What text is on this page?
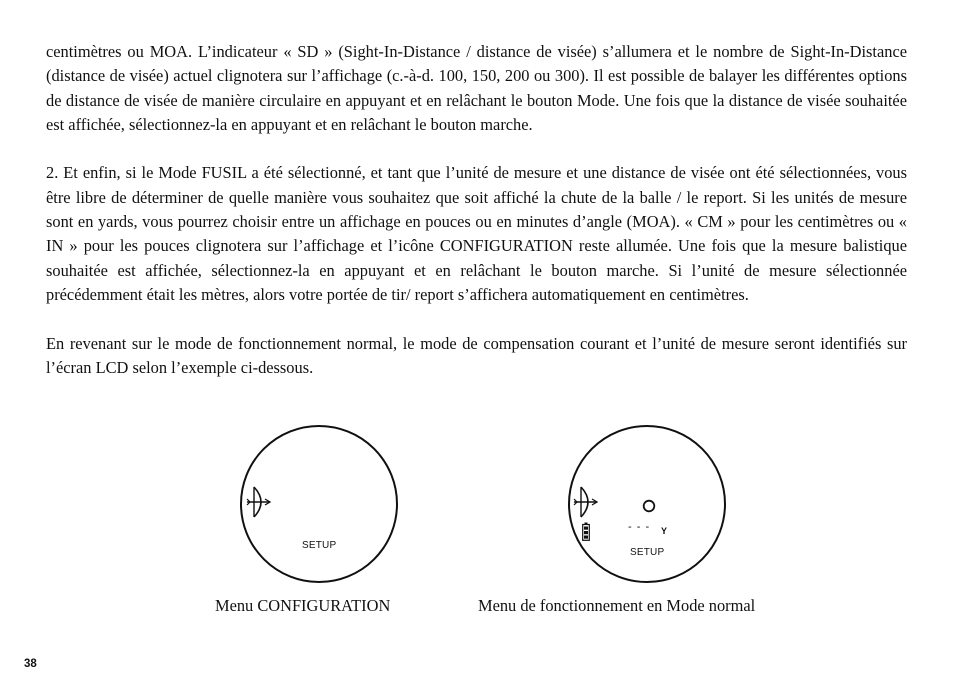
centimètres ou MOA. L’indicateur « SD » (Sight-In-Distance / distance de visée) s’allumera et le nombre de Sight-In-Distance (distance de visée) actuel clignotera sur l’affichage (c.-à-d. 100, 150, 200 ou 300). Il est possible de balayer les différentes options de distance de visée de manière circulaire en appuyant et en relâchant le bouton Mode. Une fois que la distance de visée souhaitée est affichée, sélectionnez-la en appuyant et en relâchant le bouton marche.

2. Et enfin, si le Mode FUSIL a été sélectionné, et tant que l’unité de mesure et une distance de visée ont été sélectionnées, vous être libre de déterminer de quelle manière vous souhaitez que soit affiché la chute de la balle / le report. Si les unités de mesure sont en yards, vous pourrez choisir entre un affichage en pouces ou en minutes d’angle (MOA). « CM » pour les centimètres ou « IN » pour les pouces clignotera sur l’affichage et l’icône CONFIGURATION reste allumée. Une fois que la mesure balistique souhaitée est affichée, sélectionnez-la en appuyant et en relâchant le bouton marche. Si l’unité de mesure sélectionnée précédemment était les mètres, alors votre portée de tir/ report s’affichera automatiquement en centimètres.

En revenant sur le mode de fonctionnement normal, le mode de compensation courant et l’unité de mesure seront identifiés sur l’écran LCD selon l’exemple ci-dessous.

SETUP
Menu CONFIGURATION
- - - Y
SETUP
Menu de fonctionnement en Mode normal
38
